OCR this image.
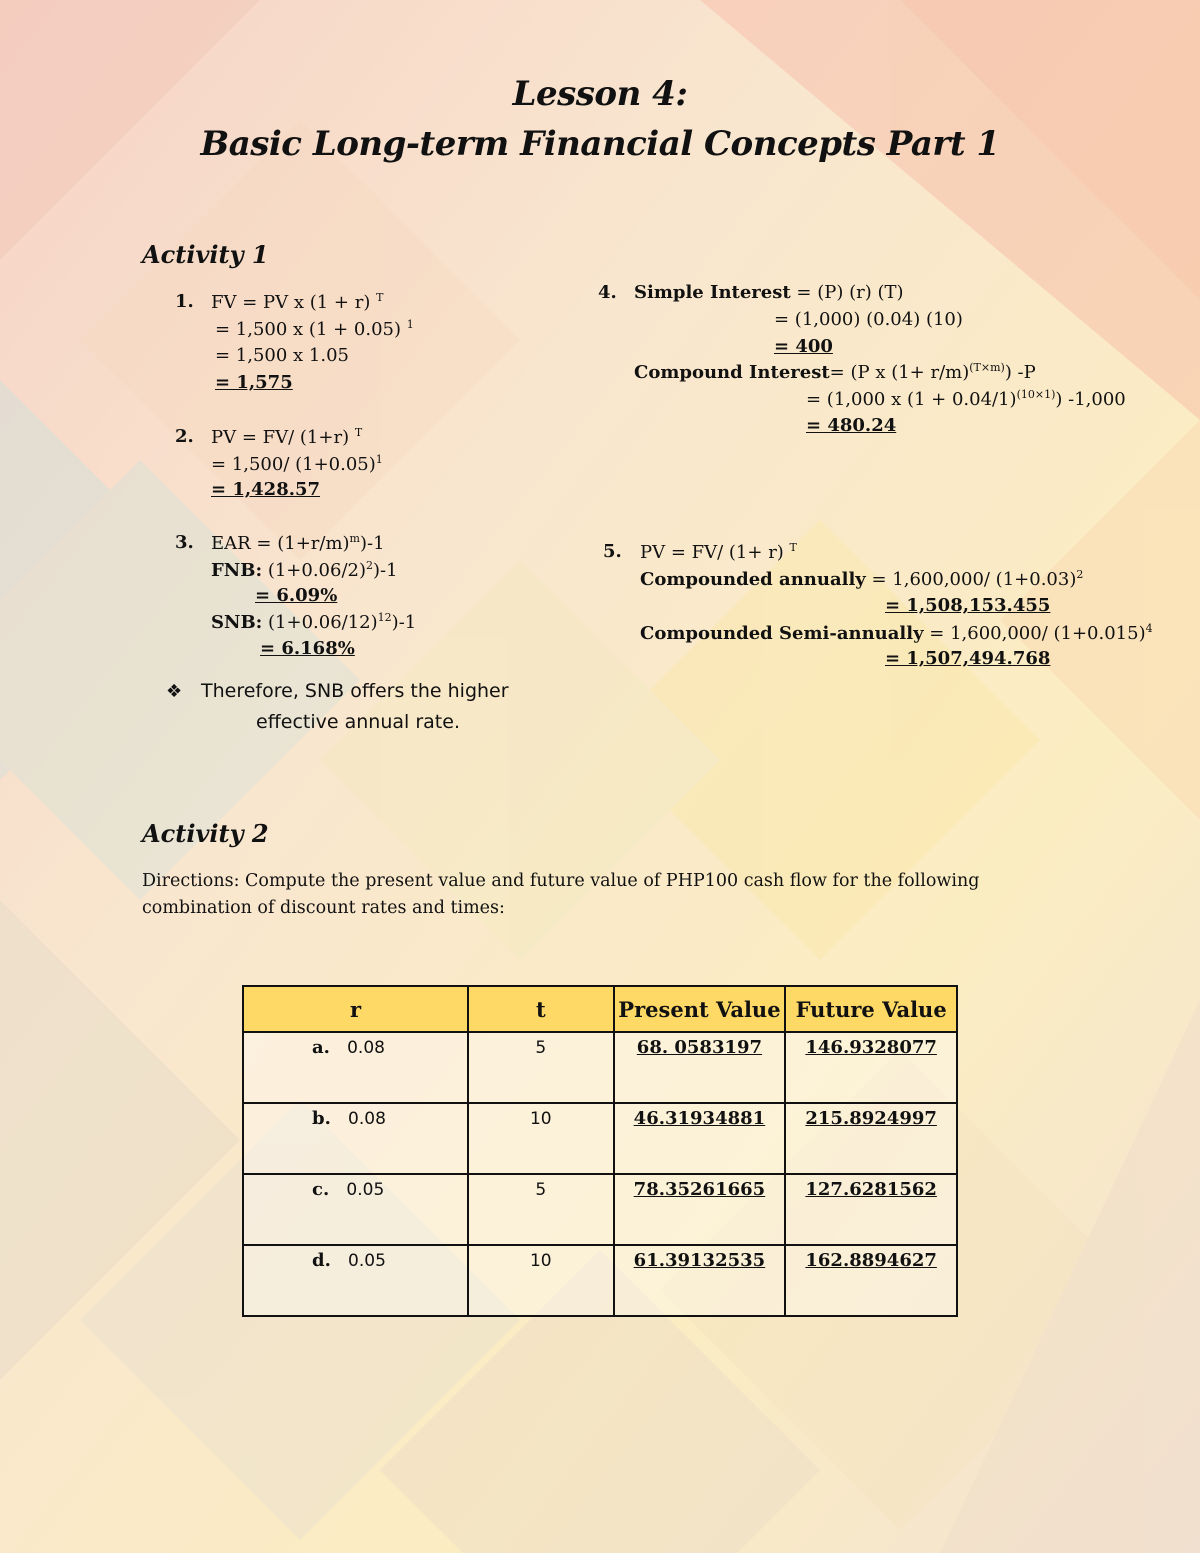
Lesson 4:
Basic Long-term Financial Concepts Part 1
Activity 1
1. FV = PV x (1 + r) $^T$
= 1,500 x (1 + 0.05) $^1$
= 1,500 x 1.05
= 1,575
2. PV = FV/ (1+r) $^T$
= 1,500/ $(1+0.05)^1$
= 1,428.57
3. EAR = $(1+r/m)^m)-1$
FNB: $(1+0.06/2)^2)-1$
= 6.09%
SNB: $(1+0.06/12)^{12})-1$
= 6.168%
❖ Therefore, SNB offers the higher
effective annual rate.
4. Simple Interest = (P) (r) (T)
= (1,000) (0.04) (10)
= 400
Compound Interest= (P x $(1+ r/m)^{(T\times m)}$) -P
= (1,000 x $(1 + 0.04/1)^{(10\times 1)}$) -1,000
= 480.24
5. PV = FV/ (1+ r) $^T$
Compounded annually = 1,600,000/ $(1+0.03)^2$
= 1,508,153.455
Compounded Semi-annually = 1,600,000/ $(1+0.015)^4$
= 1,507,494.768
Activity 2
Directions: Compute the present value and future value of PHP100 cash flow for the following
combination of discount rates and times:
r	t	Present Value	Future Value
a. 0.08	5	68. 0583197	146.9328077
b. 0.08	10	46.31934881	215.8924997
c. 0.05	5	78.35261665	127.6281562
d. 0.05	10	61.39132535	162.8894627
